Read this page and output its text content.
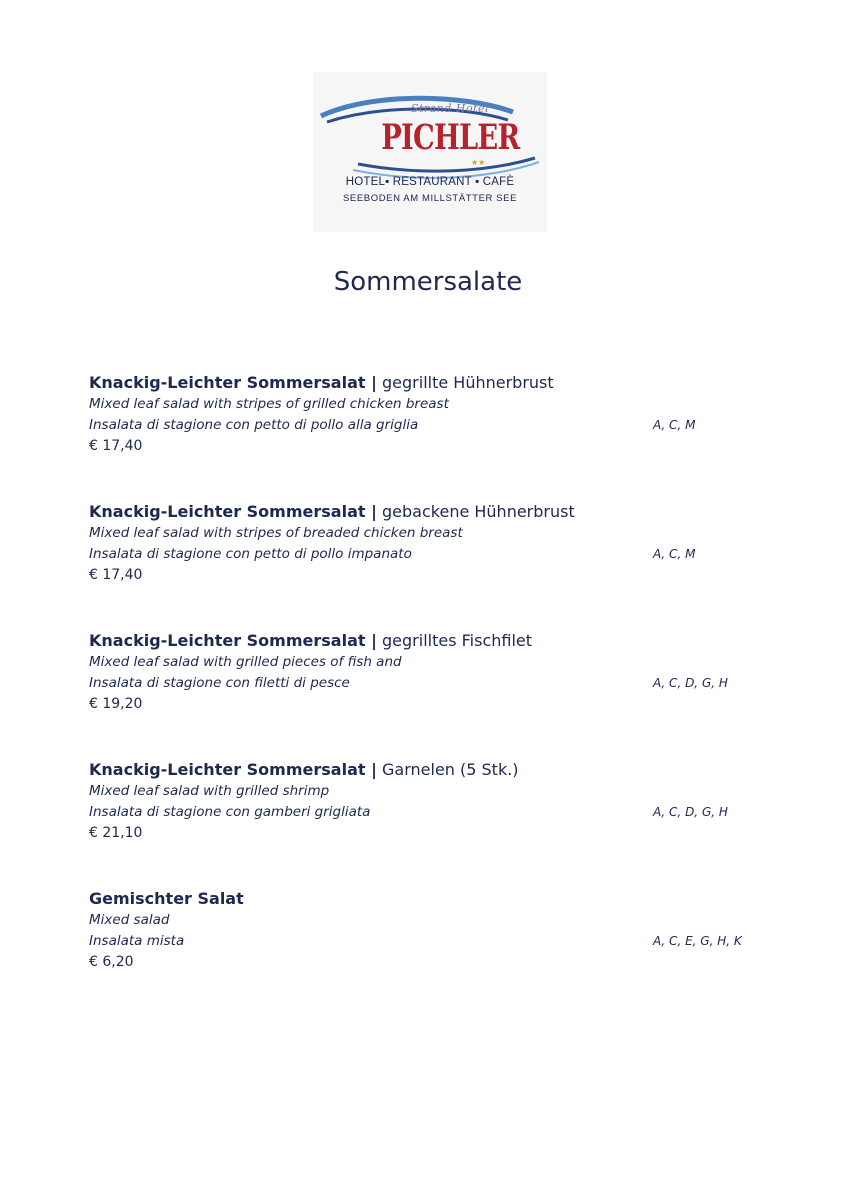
Strand Hotel
PICHLER
★★
HOTEL▪ RESTAURANT ▪ CAFÈ
SEEBODEN AM MILLSTÄTTER SEE
Sommersalate
Knackig-Leichter Sommersalat | gegrillte Hühnerbrust
Mixed leaf salad with stripes of grilled chicken breast
Insalata di stagione con petto di pollo alla griglia	A, C, M
€ 17,40
Knackig-Leichter Sommersalat | gebackene Hühnerbrust
Mixed leaf salad with stripes of breaded chicken breast
Insalata di stagione con petto di pollo impanato	A, C, M
€ 17,40
Knackig-Leichter Sommersalat | gegrilltes Fischfilet
Mixed leaf salad with grilled pieces of fish and
Insalata di stagione con filetti di pesce	A, C, D, G, H
€ 19,20
Knackig-Leichter Sommersalat | Garnelen (5 Stk.)
Mixed leaf salad with grilled shrimp
Insalata di stagione con gamberi grigliata	A, C, D, G, H
€ 21,10
Gemischter Salat
Mixed salad
Insalata mista	A, C, E, G, H, K
€ 6,20
